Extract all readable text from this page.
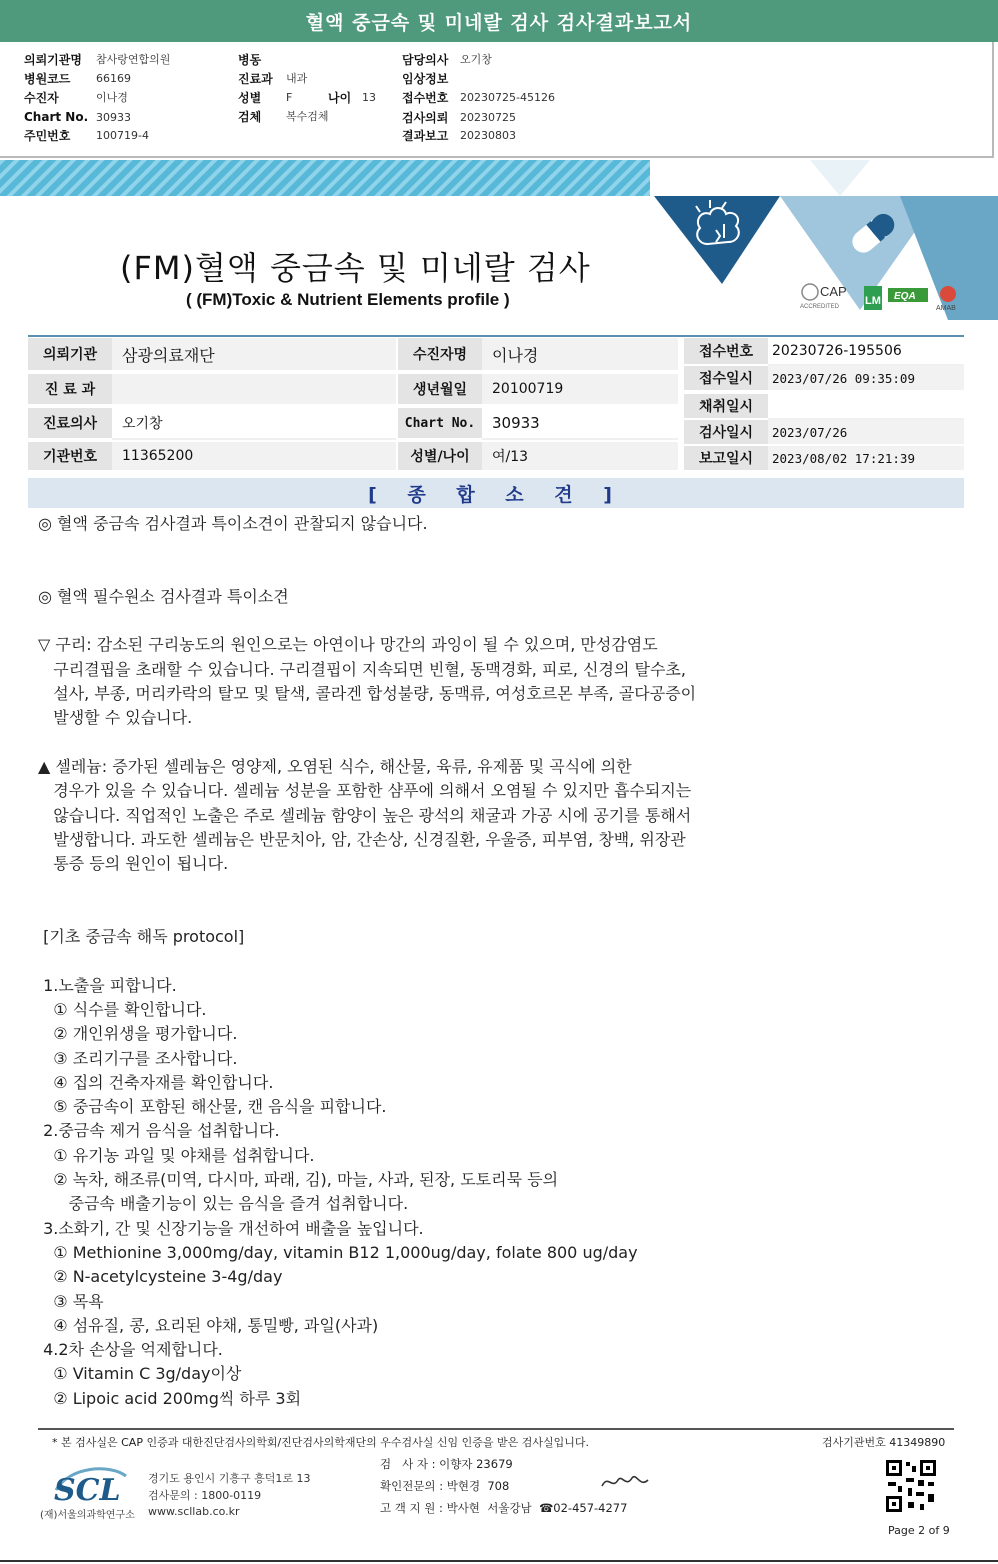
혈액 중금속 및 미네랄 검사 검사결과보고서
의뢰기관명	참사랑연합의원
병원코드	66169
수진자	이나경
Chart No. 30933
주민번호	100719-4
병동
진료과	내과
성별	F	나이 13
검체	복수검체
담당의사	오기창
임상정보
접수번호	20230725-45126
검사의뢰	20230725
결과보고	20230803
CAP
ACCREDITED LM EQA
AMAB
(FM)혈액 중금속 및 미네랄 검사
( (FM)Toxic & Nutrient Elements profile )
의뢰기관	삼광의료재단
진 료 과
진료의사	오기창
기관번호	11365200
수진자명	이나경
생년월일	20100719
Chart No.	30933
성별/나이	여/13
접수번호	20230726-195506
접수일시	2023/07/26 09:35:09
채취일시
검사일시	2023/07/26
보고일시	2023/08/02 17:21:39
[ 종 합 소 견 ]
◎ 혈액 중금속 검사결과 특이소견이 관찰되지 않습니다.
◎ 혈액 필수원소 검사결과 특이소견
▽ 구리: 감소된 구리농도의 원인으로는 아연이나 망간의 과잉이 될 수 있으며, 만성감염도
구리결핍을 초래할 수 있습니다. 구리결핍이 지속되면 빈혈, 동맥경화, 피로, 신경의 탈수초,
설사, 부종, 머리카락의 탈모 및 탈색, 콜라겐 합성불량, 동맥류, 여성호르몬 부족, 골다공증이
발생할 수 있습니다.
▲ 셀레늄: 증가된 셀레늄은 영양제, 오염된 식수, 해산물, 육류, 유제품 및 곡식에 의한
경우가 있을 수 있습니다. 셀레늄 성분을 포함한 샴푸에 의해서 오염될 수 있지만 흡수되지는
않습니다. 직업적인 노출은 주로 셀레늄 함양이 높은 광석의 채굴과 가공 시에 공기를 통해서
발생합니다. 과도한 셀레늄은 반문치아, 암, 간손상, 신경질환, 우울증, 피부염, 창백, 위장관
통증 등의 원인이 됩니다.
[기초 중금속 해독 protocol]
1.노출을 피합니다.
① 식수를 확인합니다.
② 개인위생을 평가합니다.
③ 조리기구를 조사합니다.
④ 집의 건축자재를 확인합니다.
⑤ 중금속이 포함된 해산물, 캔 음식을 피합니다.
2.중금속 제거 음식을 섭취합니다.
① 유기농 과일 및 야채를 섭취합니다.
② 녹차, 해조류(미역, 다시마, 파래, 김), 마늘, 사과, 된장, 도토리묵 등의
중금속 배출기능이 있는 음식을 즐겨 섭취합니다.
3.소화기, 간 및 신장기능을 개선하여 배출을 높입니다.
① Methionine 3,000mg/day, vitamin B12 1,000ug/day, folate 800 ug/day
② N-acetylcysteine 3-4g/day
③ 목욕
④ 섬유질, 콩, 요리된 야채, 통밀빵, 과일(사과)
4.2차 손상을 억제합니다.
① Vitamin C 3g/day이상
② Lipoic acid 200mg씩 하루 3회
* 본 검사실은 CAP 인증과 대한진단검사의학회/진단검사의학재단의 우수검사실 신임 인증을 받은 검사실입니다.	검사기관번호 41349890
SCL
(재)서울의과학연구소
경기도 용인시 기흥구 흥덕1로 13
검사문의 : 1800-0119
www.scllab.co.kr
검   사 자 : 이향자 23679
확인전문의 : 박현경  708
고 객 지 원 : 박사현  서울강남  ☎02-457-4277
Page 2 of 9
